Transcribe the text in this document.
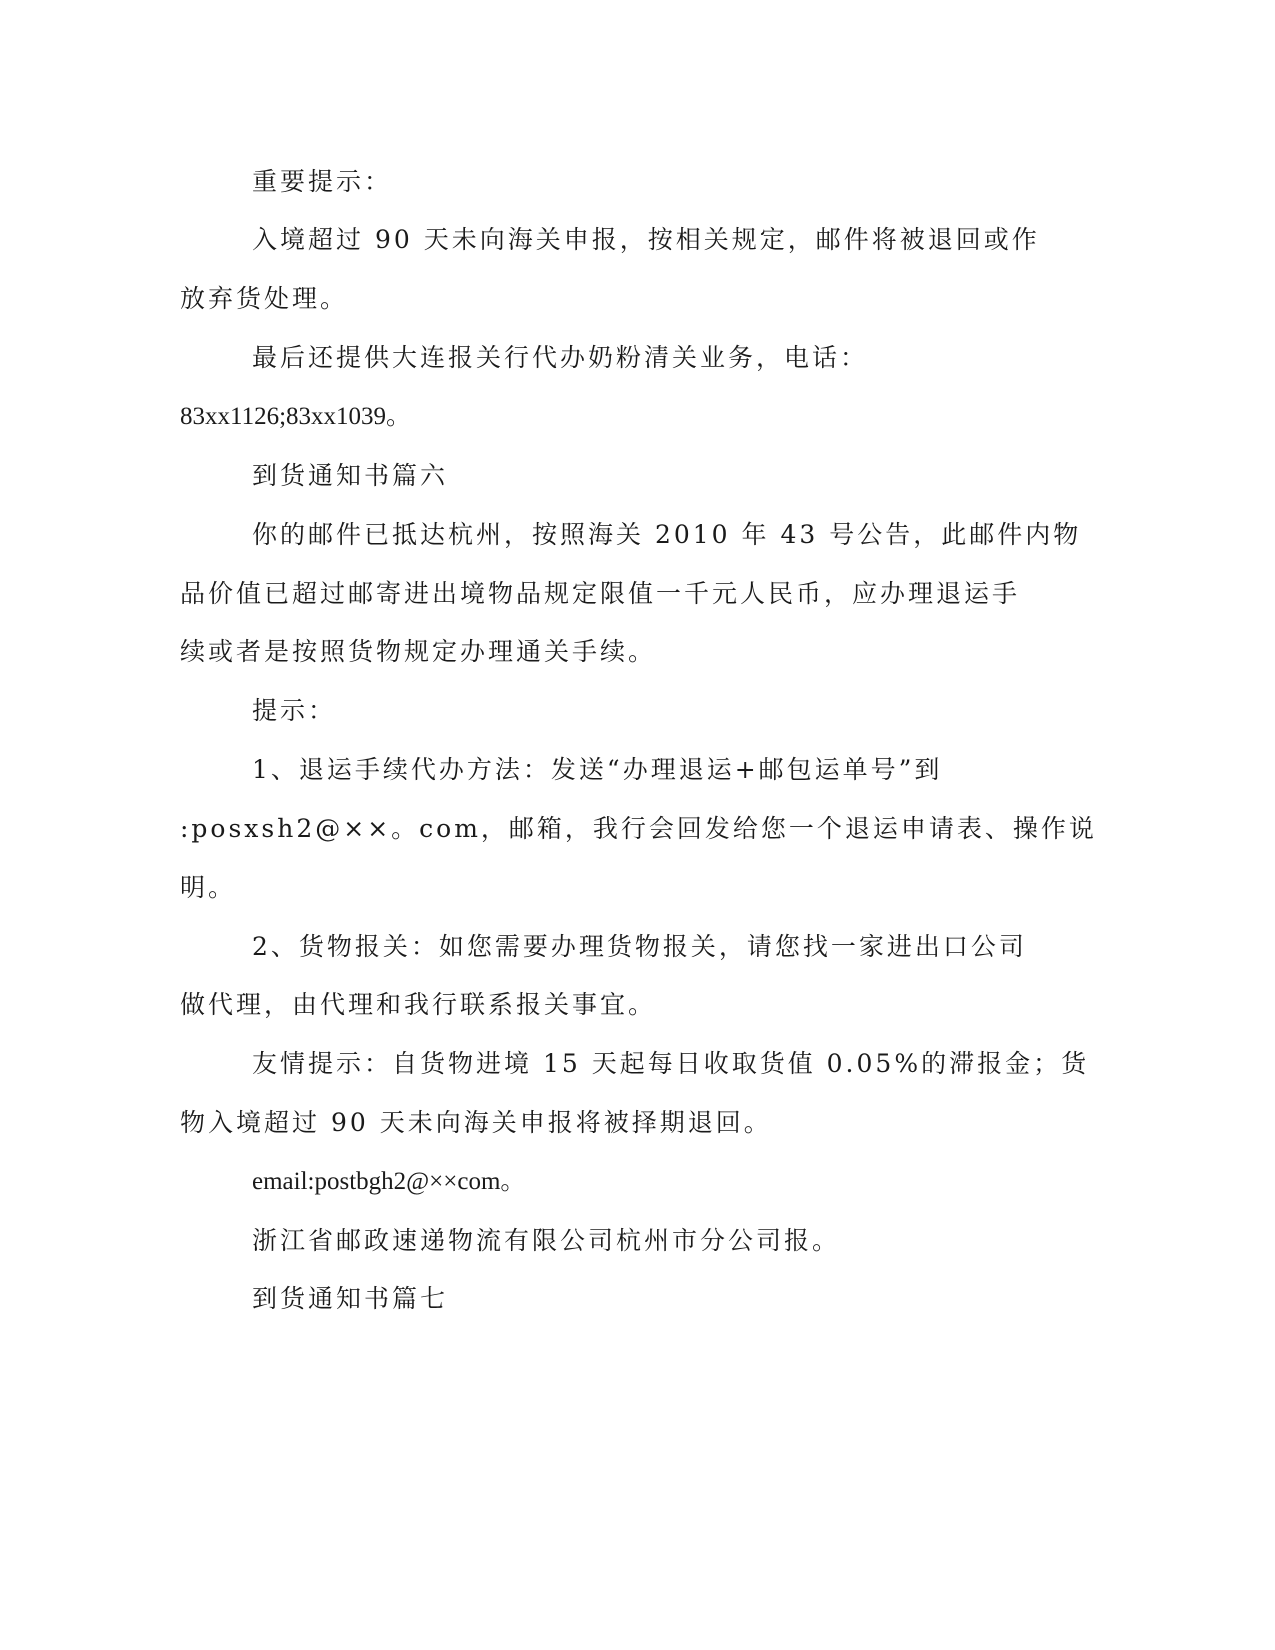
重要提示：
入境超过 90 天未向海关申报，按相关规定，邮件将被退回或作
放弃货处理。
最后还提供大连报关行代办奶粉清关业务，电话：
83xx1126;83xx1039。
到货通知书篇六
你的邮件已抵达杭州，按照海关 2010 年 43 号公告，此邮件内物
品价值已超过邮寄进出境物品规定限值一千元人民币，应办理退运手
续或者是按照货物规定办理通关手续。
提示：
1、退运手续代办方法：发送“办理退运+邮包运单号”到
:posxsh2@××。com，邮箱，我行会回发给您一个退运申请表、操作说
明。
2、货物报关：如您需要办理货物报关，请您找一家进出口公司
做代理，由代理和我行联系报关事宜。
友情提示：自货物进境 15 天起每日收取货值 0.05%的滞报金；货
物入境超过 90 天未向海关申报将被择期退回。
email:postbgh2@××com。
浙江省邮政速递物流有限公司杭州市分公司报。
到货通知书篇七
